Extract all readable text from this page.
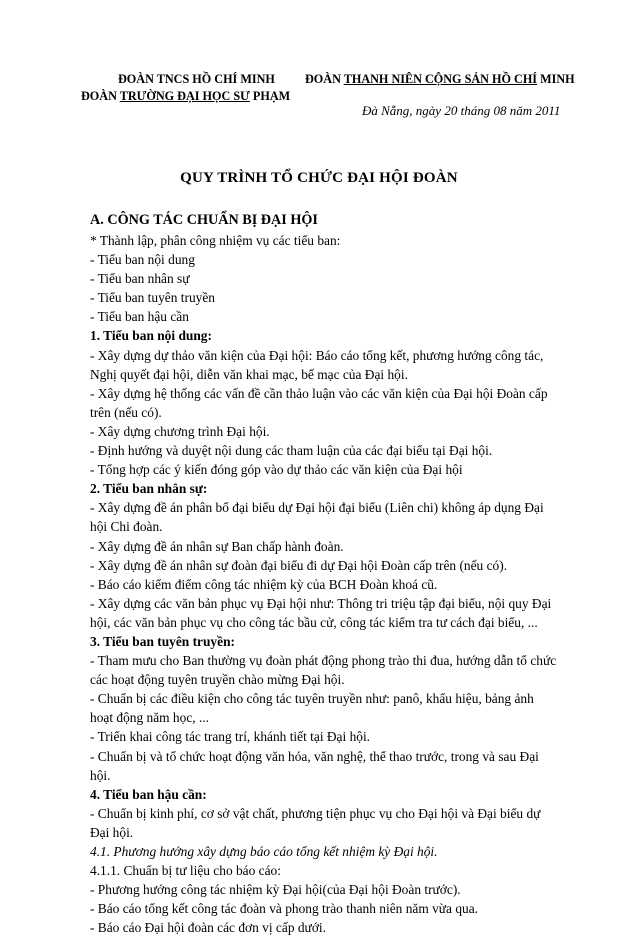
ĐOÀN TNCS HỒ CHÍ MINH ĐOÀN THANH NIÊN CỘNG SẢN HỒ CHÍ MINH
ĐOÀN TRƯỜNG ĐẠI HỌC SƯ PHẠM
Đà Nẵng, ngày 20 tháng 08 năm 2011
QUY TRÌNH TỔ CHỨC ĐẠI HỘI ĐOÀN
A. CÔNG TÁC CHUẨN BỊ ĐẠI HỘI
* Thành lập, phân công nhiệm vụ các tiểu ban:
- Tiểu ban nội dung
- Tiểu ban nhân sự
- Tiểu ban tuyên truyền
- Tiểu ban hậu cần
1. Tiểu ban nội dung:
- Xây dựng dự thảo văn kiện của Đại hội: Báo cáo tổng kết, phương hướng công tác,
Nghị quyết đại hội, diễn văn khai mạc, bế mạc của Đại hội.
- Xây dựng hệ thống các vấn đề cần thảo luận vào các văn kiện của Đại hội Đoàn cấp
trên (nếu có).
- Xây dựng chương trình Đại hội.
- Định hướng và duyệt nội dung các tham luận của các đại biểu tại Đại hội.
- Tổng hợp các ý kiến đóng góp vào dự thảo các văn kiện của Đại hội
2. Tiểu ban nhân sự:
- Xây dựng đề án phân bổ đại biểu dự Đại hội đại biểu (Liên chi) không áp dụng Đại
hội Chi đoàn.
- Xây dựng đề án nhân sự Ban chấp hành đoàn.
- Xây dựng đề án nhân sự đoàn đại biểu đi dự Đại hội Đoàn cấp trên (nếu có).
- Báo cáo kiểm điểm công tác nhiệm kỳ của BCH Đoàn khoá cũ.
- Xây dựng các văn bản phục vụ Đại hội như: Thông tri triệu tập đại biểu, nội quy Đại
hội, các văn bản phục vụ cho công tác bầu cử, công tác kiểm tra tư cách đại biểu, ...
3. Tiểu ban tuyên truyền:
- Tham mưu cho Ban thường vụ đoàn phát động phong trào thi đua, hướng dẫn tổ chức
các hoạt động tuyên truyền chào mừng Đại hội.
- Chuẩn bị các điều kiện cho công tác tuyên truyền như: panô, khẩu hiệu, bảng ảnh
hoạt động năm học, ...
- Triển khai công tác trang trí, khánh tiết tại Đại hội.
- Chuẩn bị và tổ chức hoạt động văn hóa, văn nghệ, thể thao trước, trong và sau Đại
hội.
4. Tiểu ban hậu cần:
- Chuẩn bị kinh phí, cơ sở vật chất, phương tiện phục vụ cho Đại hội và Đại biểu dự
Đại hội.
4.1. Phương hướng xây dựng báo cáo tổng kết nhiệm kỳ Đại hội.
4.1.1. Chuẩn bị tư liệu cho báo cáo:
- Phương hướng công tác nhiệm kỳ Đại hội(của Đại hội Đoàn trước).
- Báo cáo tổng kết công tác đoàn và phong trào thanh niên năm vừa qua.
- Báo cáo Đại hội đoàn các đơn vị cấp dưới.
